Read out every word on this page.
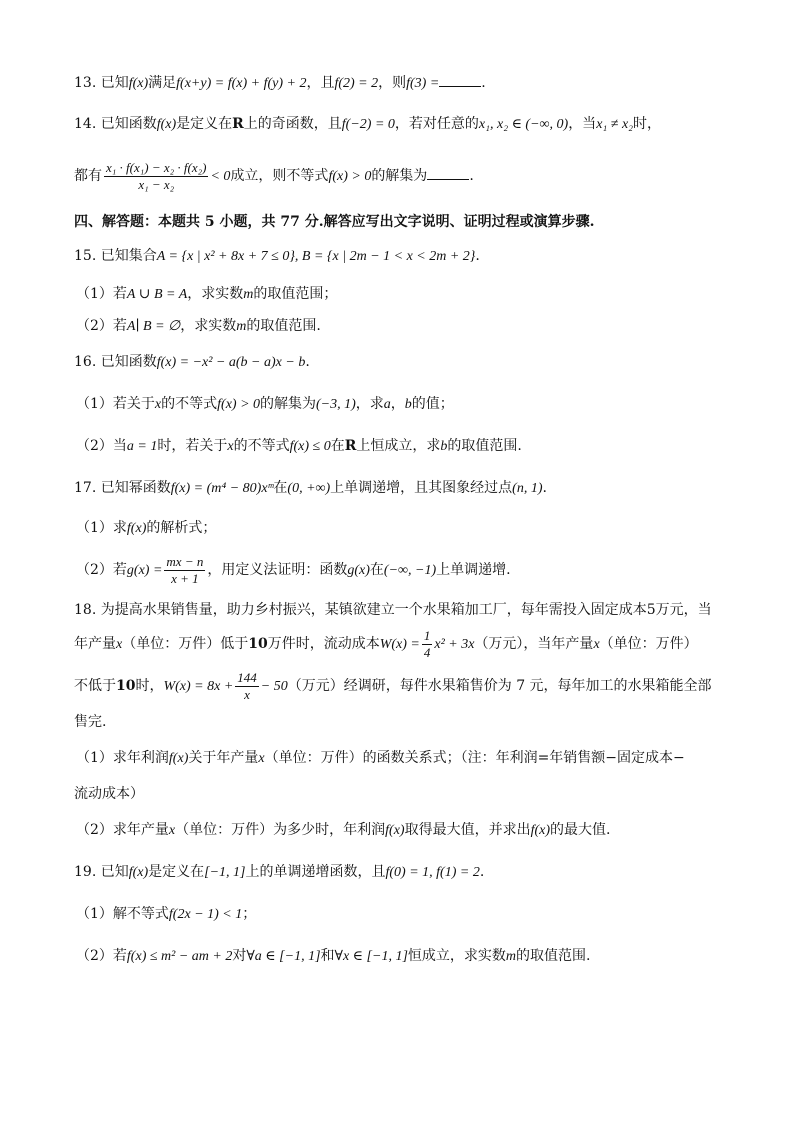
13. 已知f(x)满足f(x+y) = f(x) + f(y) + 2，且f(2) = 2，则f(3) =	.
14. 已知函数f(x)是定义在R上的奇函数，且f(−2) = 0，若对任意的x₁, x₂ ∈ (−∞, 0)，当x₁ ≠ x₂时，
都有 $\frac{\text{x₁ · f(x₁) − x₂ · f(x₂)}}{\text{x₁ − x₂}} < 0$成立，则不等式f(x) > 0的解集为	.
四、解答题：本题共 5 小题，共 77 分.解答应写出文字说明、证明过程或演算步骤.
15. 已知集合A = {x | x² + 8x + 7 ≤ 0}, B = {x | 2m − 1 < x < 2m + 2}.
（1）若A ∪ B = A，求实数m的取值范围；
（2）若A∣ B = ∅，求实数m的取值范围.
16. 已知函数f(x) = −x² − a(b − a)x − b.
（1）若关于x的不等式f(x) > 0的解集为(−3, 1)，求a，b的值；
（2）当a = 1时，若关于x的不等式f(x) ≤ 0在R上恒成立，求b的取值范围.
17. 已知幂函数f(x) = (m⁴ − 80)xᵐ在(0, +∞)上单调递增，且其图象经过点(n, 1).
（1）求f(x)的解析式；
（2）若$g(x) = \frac{mx - n}{x + 1}$ ，用定义法证明：函数g(x)在(−∞, −1)上单调递增.
18. 为提高水果销售量，助力乡村振兴，某镇欲建立一个水果箱加工厂，每年需投入固定成本5万元，当
年产量x（单位：万件）低于10万件时，流动成本$W(x) = \frac{1}{4} x^2 + 3x$（万元），当年产量x（单位：万件）
不低于10时，$W(x) = 8x + \frac{144}{x} - 50$（万元）经调研，每件水果箱售价为 7 元，每年加工的水果箱能全部
售完.
（1）求年利润f(x)关于年产量x（单位：万件）的函数关系式；（注：年利润=年销售额−固定成本−
流动成本）
（2）求年产量x（单位：万件）为多少时，年利润f(x)取得最大值，并求出f(x)的最大值.
19. 已知f(x)是定义在[−1, 1]上的单调递增函数，且f(0) = 1, f(1) = 2.
（1）解不等式f(2x − 1) < 1；
（2）若f(x) ≤ m² − am + 2对∀a ∈ [−1, 1]和∀x ∈ [−1, 1]恒成立，求实数m的取值范围.
